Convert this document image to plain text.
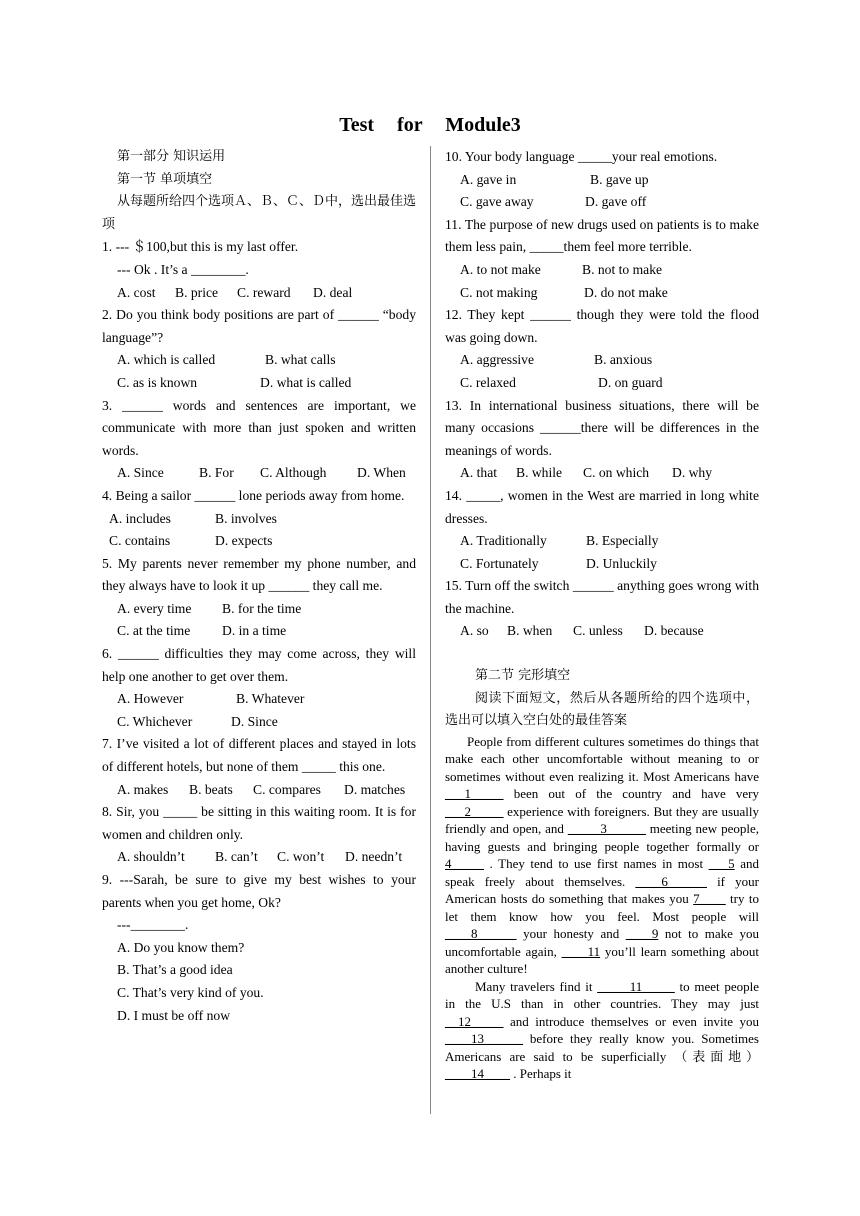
Test for Module3

第一部分 知识运用

第一节 单项填空

从每题所给四个选项Ａ、Ｂ、Ｃ、Ｄ中，选出最佳选项

1. --- ＄100,but this is my last offer.

--- Ok . It’s a ________.

A. cost	B. price	C. reward	D. deal

2. Do you think body positions are part of ______ “body language”?

A. which is called	B. what calls
C. as is known	D. what is called

3. ______ words and sentences are important, we communicate with more than just spoken and written words.

A. Since	B. For	C. Although	D. When

4. Being a sailor ______ lone periods away from home.

A. includes	B. involves
C. contains	D. expects

5. My parents never remember my phone number, and they always have to look it up ______ they call me.

A. every time	B. for the time
C. at the time	D. in a time

6. ______ difficulties they may come across, they will help one another to get over them.

A. However	B. Whatever
C. Whichever	D. Since

7. I’ve visited a lot of different places and stayed in lots of different hotels, but none of them _____ this one.

A. makes	B. beats	C. compares	D. matches

8. Sir, you _____ be sitting in this waiting room. It is for women and children only.

A. shouldn’t	B. can’t	C. won’t	D. needn’t

9. ---Sarah, be sure to give my best wishes to your parents when you get home, Ok?

---________.

A. Do you know them?

B. That’s a good idea

C. That’s very kind of you.

D. I must be off now

10. Your body language _____your real emotions.

A. gave in	B. gave up
C. gave away	D. gave off

11. The purpose of new drugs used on patients is to make them less pain, _____them feel more terrible.

A. to not make	B. not to make
C. not making	D. do not make

12. They kept ______ though they were told the flood was going down.

A. aggressive	B. anxious
C. relaxed	D. on guard

13. In international business situations, there will be many occasions ______there will be differences in the meanings of words.

A. that	B. while	C. on which	D. why

14. _____, women in the West are married in long white dresses.

A. Traditionally	B. Especially
C. Fortunately	D. Unluckily

15. Turn off the switch ______ anything goes wrong with the machine.

A. so	B. when	C. unless	D. because

第二节 完形填空

阅读下面短文，然后从各题所给的四个选项中，选出可以填入空白处的最佳答案

People from different cultures sometimes do things that make each other uncomfortable without meaning to or sometimes without even realizing it. Most Americans have ___1_____ been out of the country and have very ___2_____ experience with foreigners. But they are usually friendly and open, and _____3______ meeting new people, having guests and bringing people together formally or 4_____ . They tend to use first names in most ___5 and speak freely about themselves. ____6______ if your American hosts do something that makes you 7____ try to let them know how you feel. Most people will ____8______ your honesty and ____9 not to make you uncomfortable again, ____11 you’ll learn something about another culture!

Many travelers find it _____11_____ to meet people in the U.S than in other countries. They may just __12_____ and introduce themselves or even invite you ____13______ before they really know you. Sometimes Americans are said to be superficially （表面地）____14____ . Perhaps it
